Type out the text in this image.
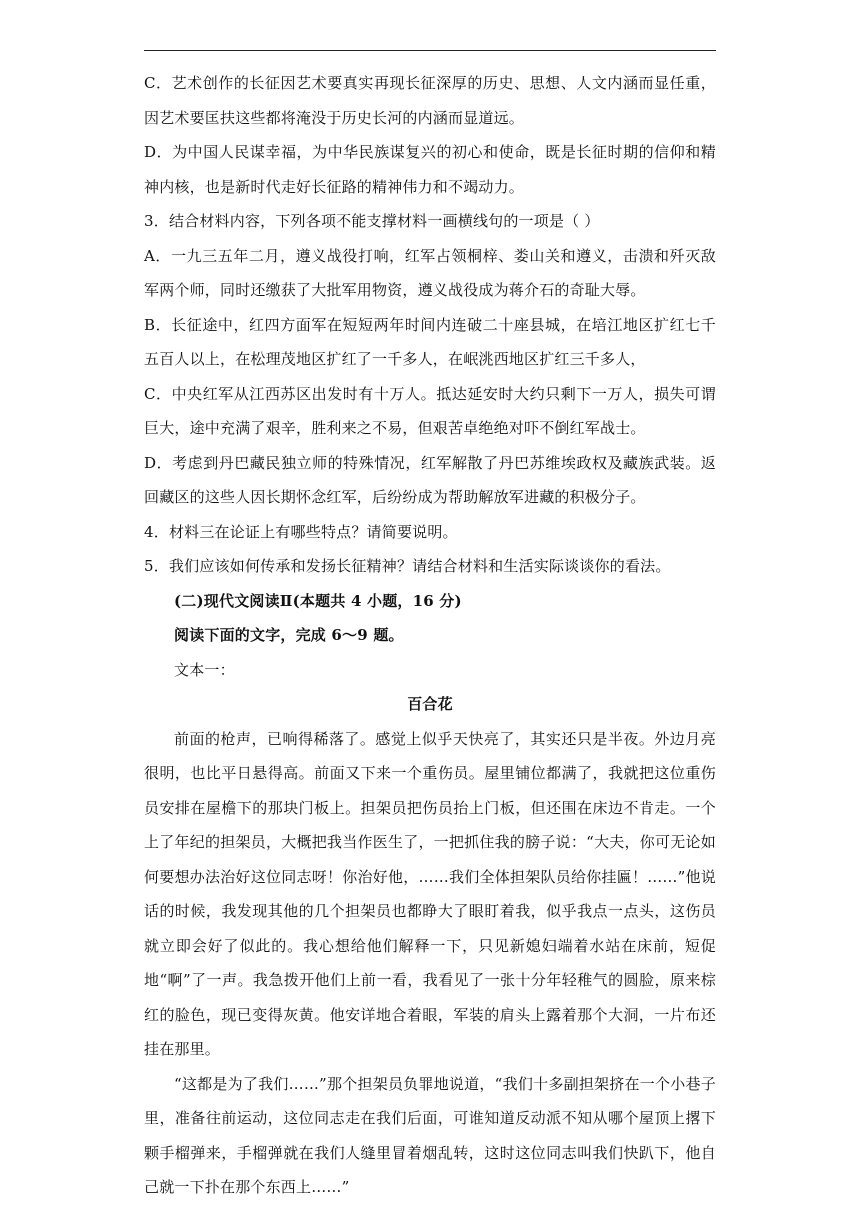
C．艺术创作的长征因艺术要真实再现长征深厚的历史、思想、人文内涵而显任重，因艺术要匡扶这些都将淹没于历史长河的内涵而显道远。

D．为中国人民谋幸福，为中华民族谋复兴的初心和使命，既是长征时期的信仰和精神内核，也是新时代走好长征路的精神伟力和不竭动力。

3．结合材料内容，下列各项不能支撑材料一画横线句的一项是（ ）

A．一九三五年二月，遵义战役打响，红军占领桐梓、娄山关和遵义，击溃和歼灭敌军两个师，同时还缴获了大批军用物资，遵义战役成为蒋介石的奇耻大辱。

B．长征途中，红四方面军在短短两年时间内连破二十座县城，在培江地区扩红七千五百人以上，在松理茂地区扩红了一千多人，在岷洮西地区扩红三千多人，

C．中央红军从江西苏区出发时有十万人。抵达延安时大约只剩下一万人，损失可谓巨大，途中充满了艰辛，胜利来之不易，但艰苦卓绝绝对吓不倒红军战士。

D．考虑到丹巴藏民独立师的特殊情况，红军解散了丹巴苏维埃政权及藏族武装。返回藏区的这些人因长期怀念红军，后纷纷成为帮助解放军进藏的积极分子。

4．材料三在论证上有哪些特点？请简要说明。

5．我们应该如何传承和发扬长征精神？请结合材料和生活实际谈谈你的看法。

(二)现代文阅读Ⅱ(本题共 4 小题，16 分)

阅读下面的文字，完成 6～9 题。

文本一：

百合花

前面的枪声，已响得稀落了。感觉上似乎天快亮了，其实还只是半夜。外边月亮很明，也比平日悬得高。前面又下来一个重伤员。屋里铺位都满了，我就把这位重伤员安排在屋檐下的那块门板上。担架员把伤员抬上门板，但还围在床边不肯走。一个上了年纪的担架员，大概把我当作医生了，一把抓住我的膀子说：“大夫，你可无论如何要想办法治好这位同志呀！你治好他，……我们全体担架队员给你挂匾！……”他说话的时候，我发现其他的几个担架员也都睁大了眼盯着我，似乎我点一点头，这伤员就立即会好了似此的。我心想给他们解释一下，只见新媳妇端着水站在床前，短促地“啊”了一声。我急拨开他们上前一看，我看见了一张十分年轻稚气的圆脸，原来棕红的脸色，现已变得灰黄。他安详地合着眼，军装的肩头上露着那个大洞，一片布还挂在那里。

“这都是为了我们……”那个担架员负罪地说道，“我们十多副担架挤在一个小巷子里，准备往前运动，这位同志走在我们后面，可谁知道反动派不知从哪个屋顶上撂下颗手榴弹来，手榴弹就在我们人缝里冒着烟乱转，这时这位同志叫我们快趴下，他自己就一下扑在那个东西上……”
